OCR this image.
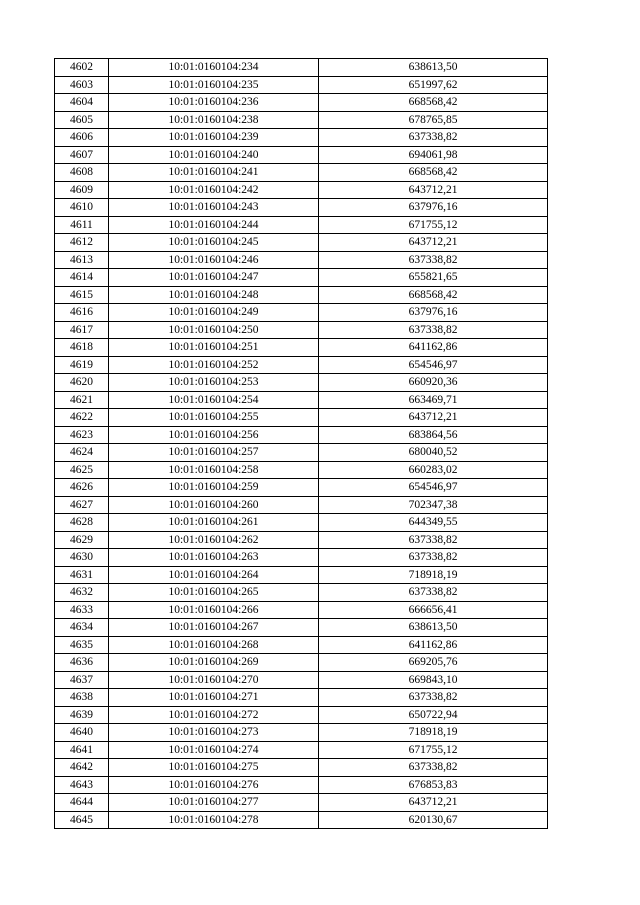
4602	10:01:0160104:234	638613,50
4603	10:01:0160104:235	651997,62
4604	10:01:0160104:236	668568,42
4605	10:01:0160104:238	678765,85
4606	10:01:0160104:239	637338,82
4607	10:01:0160104:240	694061,98
4608	10:01:0160104:241	668568,42
4609	10:01:0160104:242	643712,21
4610	10:01:0160104:243	637976,16
4611	10:01:0160104:244	671755,12
4612	10:01:0160104:245	643712,21
4613	10:01:0160104:246	637338,82
4614	10:01:0160104:247	655821,65
4615	10:01:0160104:248	668568,42
4616	10:01:0160104:249	637976,16
4617	10:01:0160104:250	637338,82
4618	10:01:0160104:251	641162,86
4619	10:01:0160104:252	654546,97
4620	10:01:0160104:253	660920,36
4621	10:01:0160104:254	663469,71
4622	10:01:0160104:255	643712,21
4623	10:01:0160104:256	683864,56
4624	10:01:0160104:257	680040,52
4625	10:01:0160104:258	660283,02
4626	10:01:0160104:259	654546,97
4627	10:01:0160104:260	702347,38
4628	10:01:0160104:261	644349,55
4629	10:01:0160104:262	637338,82
4630	10:01:0160104:263	637338,82
4631	10:01:0160104:264	718918,19
4632	10:01:0160104:265	637338,82
4633	10:01:0160104:266	666656,41
4634	10:01:0160104:267	638613,50
4635	10:01:0160104:268	641162,86
4636	10:01:0160104:269	669205,76
4637	10:01:0160104:270	669843,10
4638	10:01:0160104:271	637338,82
4639	10:01:0160104:272	650722,94
4640	10:01:0160104:273	718918,19
4641	10:01:0160104:274	671755,12
4642	10:01:0160104:275	637338,82
4643	10:01:0160104:276	676853,83
4644	10:01:0160104:277	643712,21
4645	10:01:0160104:278	620130,67
